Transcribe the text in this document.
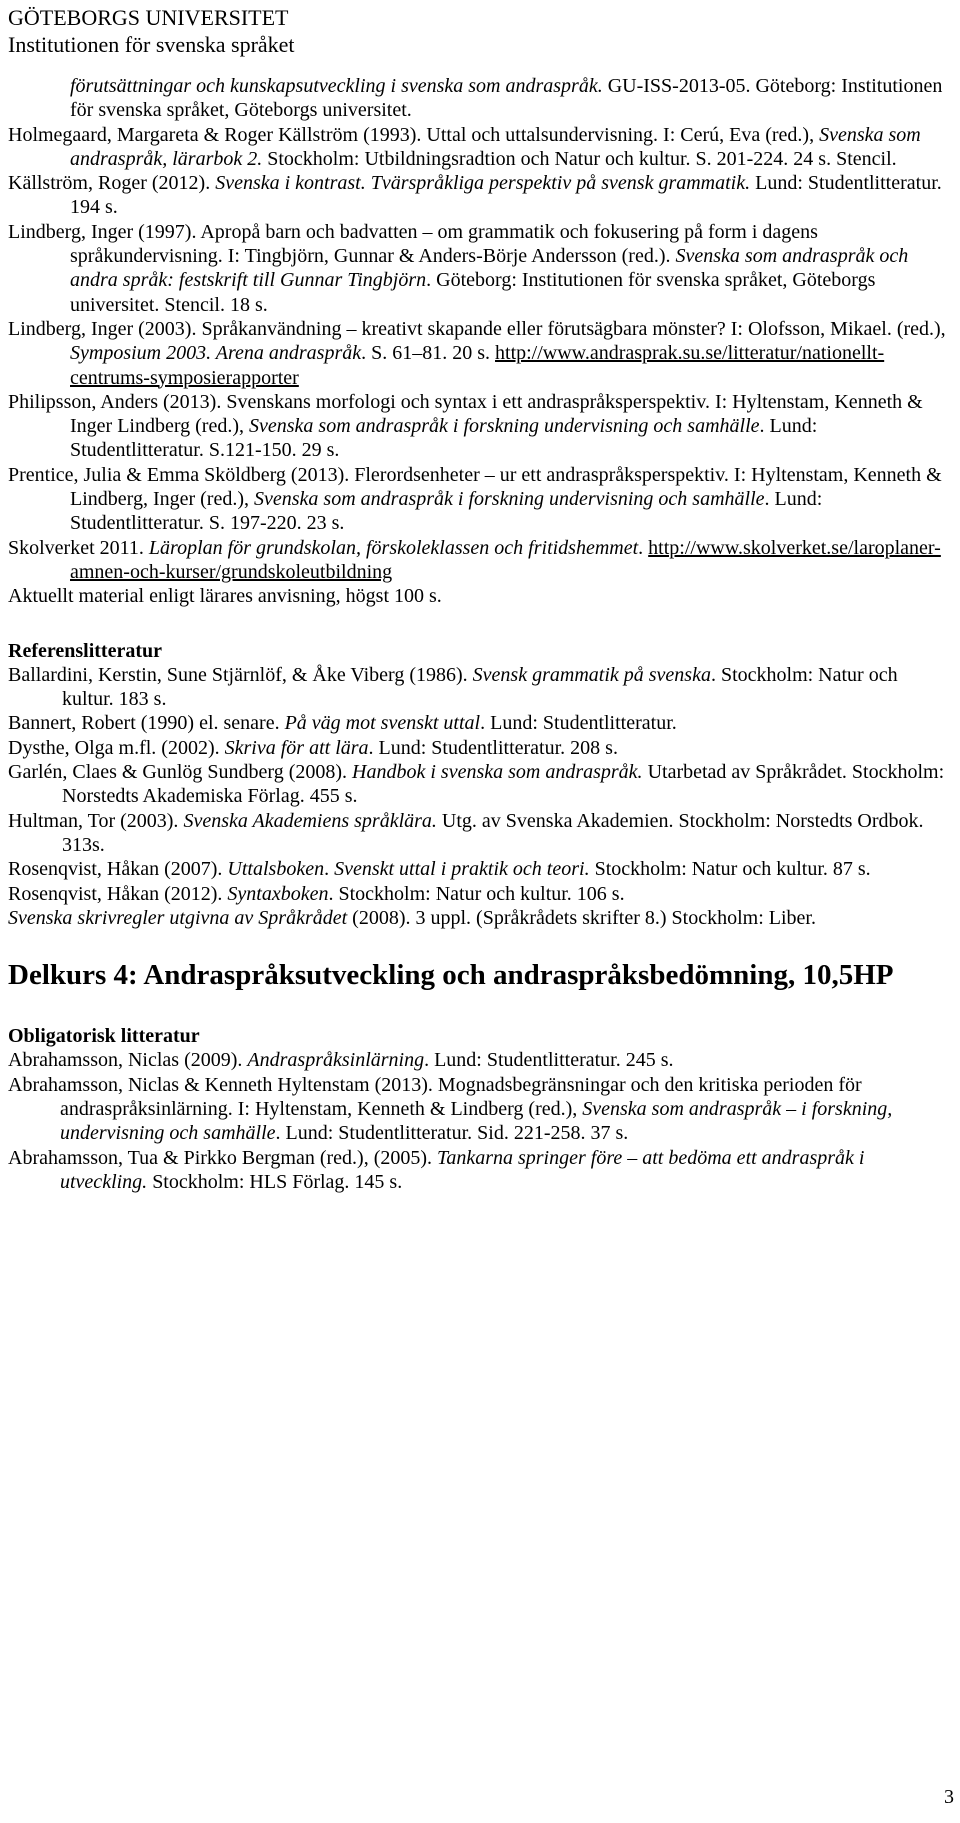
GÖTEBORGS UNIVERSITET
Institutionen för svenska språket

förutsättningar och kunskapsutveckling i svenska som andraspråk. GU-ISS-2013-05. Göteborg: Institutionen för svenska språket, Göteborgs universitet.

Holmegaard, Margareta & Roger Källström (1993). Uttal och uttalsundervisning. I: Cerú, Eva (red.), Svenska som andraspråk, lärarbok 2. Stockholm: Utbildningsradtion och Natur och kultur. S. 201-224. 24 s. Stencil.

Källström, Roger (2012). Svenska i kontrast. Tvärspråkliga perspektiv på svensk grammatik. Lund: Studentlitteratur. 194 s.

Lindberg, Inger (1997). Apropå barn och badvatten – om grammatik och fokusering på form i dagens språkundervisning. I: Tingbjörn, Gunnar & Anders-Börje Andersson (red.). Svenska som andraspråk och andra språk: festskrift till Gunnar Tingbjörn. Göteborg: Institutionen för svenska språket, Göteborgs universitet. Stencil. 18 s.

Lindberg, Inger (2003). Språkanvändning – kreativt skapande eller förutsägbara mönster? I: Olofsson, Mikael. (red.), Symposium 2003. Arena andraspråk. S. 61–81. 20 s. http://www.andrasprak.su.se/litteratur/nationellt-centrums-symposierapporter

Philipsson, Anders (2013). Svenskans morfologi och syntax i ett andraspråksperspektiv. I: Hyltenstam, Kenneth & Inger Lindberg (red.), Svenska som andraspråk i forskning undervisning och samhälle. Lund: Studentlitteratur. S.121-150. 29 s.

Prentice, Julia & Emma Sköldberg (2013). Flerordsenheter – ur ett andraspråksperspektiv. I: Hyltenstam, Kenneth & Lindberg, Inger (red.), Svenska som andraspråk i forskning undervisning och samhälle. Lund: Studentlitteratur. S. 197-220. 23 s.

Skolverket 2011. Läroplan för grundskolan, förskoleklassen och fritidshemmet. http://www.skolverket.se/laroplaner-amnen-och-kurser/grundskoleutbildning

Aktuellt material enligt lärares anvisning, högst 100 s.

Referenslitteratur

Ballardini, Kerstin, Sune Stjärnlöf, & Åke Viberg (1986). Svensk grammatik på svenska. Stockholm: Natur och kultur. 183 s.

Bannert, Robert (1990) el. senare. På väg mot svenskt uttal. Lund: Studentlitteratur.

Dysthe, Olga m.fl. (2002). Skriva för att lära. Lund: Studentlitteratur. 208 s.

Garlén, Claes & Gunlög Sundberg (2008). Handbok i svenska som andraspråk. Utarbetad av Språkrådet. Stockholm: Norstedts Akademiska Förlag. 455 s.

Hultman, Tor (2003). Svenska Akademiens språklära. Utg. av Svenska Akademien. Stockholm: Norstedts Ordbok. 313s.

Rosenqvist, Håkan (2007). Uttalsboken. Svenskt uttal i praktik och teori. Stockholm: Natur och kultur. 87 s.

Rosenqvist, Håkan (2012). Syntaxboken. Stockholm: Natur och kultur. 106 s.

Svenska skrivregler utgivna av Språkrådet (2008). 3 uppl. (Språkrådets skrifter 8.) Stockholm: Liber.

Delkurs 4: Andraspråksutveckling och andraspråksbedömning, 10,5HP
Obligatorisk litteratur

Abrahamsson, Niclas (2009). Andraspråksinlärning. Lund: Studentlitteratur. 245 s.

Abrahamsson, Niclas & Kenneth Hyltenstam (2013). Mognadsbegränsningar och den kritiska perioden för andraspråksinlärning. I: Hyltenstam, Kenneth & Lindberg (red.), Svenska som andraspråk – i forskning, undervisning och samhälle. Lund: Studentlitteratur. Sid. 221-258. 37 s.

Abrahamsson, Tua & Pirkko Bergman (red.), (2005). Tankarna springer före – att bedöma ett andraspråk i utveckling. Stockholm: HLS Förlag. 145 s.

3
